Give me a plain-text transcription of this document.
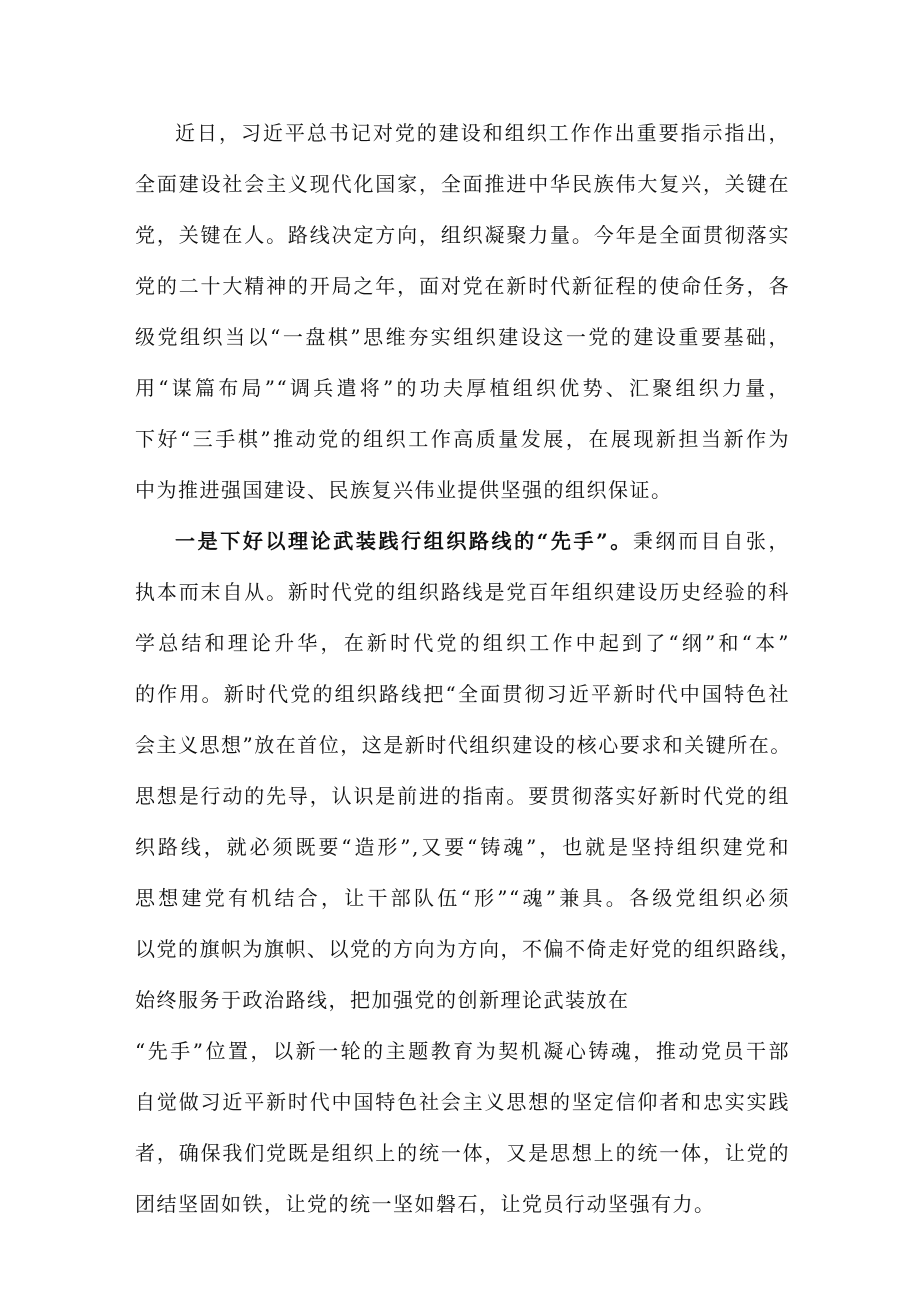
近日，习近平总书记对党的建设和组织工作作出重要指示指出，
全面建设社会主义现代化国家，全面推进中华民族伟大复兴，关键在
党，关键在人。路线决定方向，组织凝聚力量。今年是全面贯彻落实
党的二十大精神的开局之年，面对党在新时代新征程的使命任务，各
级党组织当以“一盘棋”思维夯实组织建设这一党的建设重要基础，
用“谋篇布局”“调兵遣将”的功夫厚植组织优势、汇聚组织力量，
下好“三手棋”推动党的组织工作高质量发展，在展现新担当新作为
中为推进强国建设、民族复兴伟业提供坚强的组织保证。
一是下好以理论武装践行组织路线的“先手”。秉纲而目自张，
执本而末自从。新时代党的组织路线是党百年组织建设历史经验的科
学总结和理论升华，在新时代党的组织工作中起到了“纲”和“本”
的作用。新时代党的组织路线把“全面贯彻习近平新时代中国特色社
会主义思想”放在首位，这是新时代组织建设的核心要求和关键所在。
思想是行动的先导，认识是前进的指南。要贯彻落实好新时代党的组
织路线，就必须既要“造形”,又要“铸魂”，也就是坚持组织建党和
思想建党有机结合，让干部队伍“形”“魂”兼具。各级党组织必须
以党的旗帜为旗帜、以党的方向为方向，不偏不倚走好党的组织路线，
始终服务于政治路线，把加强党的创新理论武装放在
“先手”位置，以新一轮的主题教育为契机凝心铸魂，推动党员干部
自觉做习近平新时代中国特色社会主义思想的坚定信仰者和忠实实践
者，确保我们党既是组织上的统一体，又是思想上的统一体，让党的
团结坚固如铁，让党的统一坚如磐石，让党员行动坚强有力。
